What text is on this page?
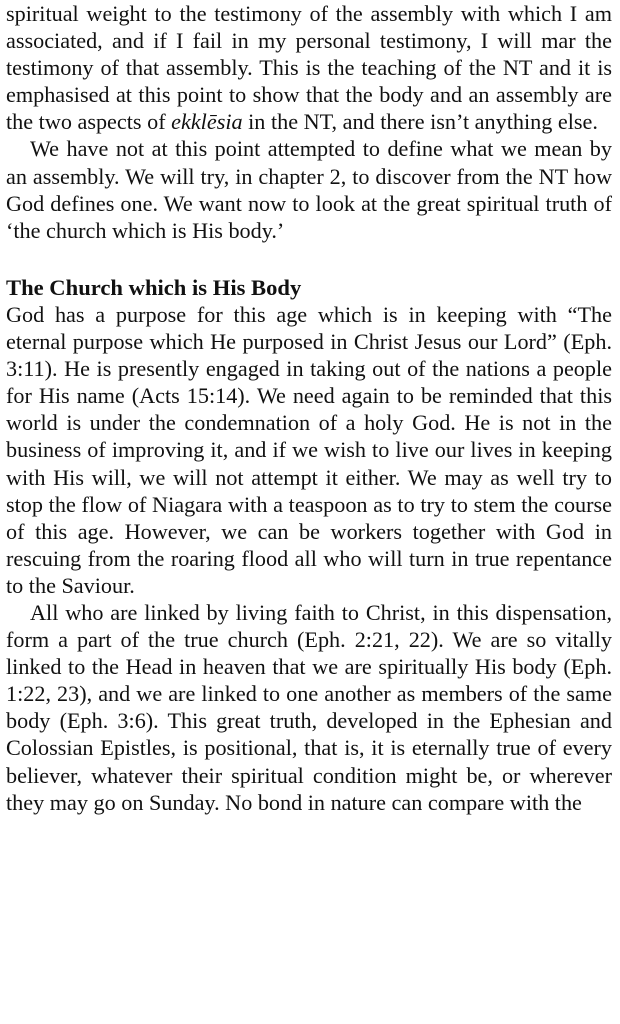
spiritual weight to the testimony of the assembly with which I am associated, and if I fail in my personal testimony, I will mar the testimony of that assembly. This is the teaching of the NT and it is emphasised at this point to show that the body and an assembly are the two aspects of ekklēsia in the NT, and there isn’t anything else.

We have not at this point attempted to define what we mean by an assembly. We will try, in chapter 2, to discover from the NT how God defines one. We want now to look at the great spiritual truth of ‘the church which is His body.’

The Church which is His Body

God has a purpose for this age which is in keeping with “The eternal purpose which He purposed in Christ Jesus our Lord” (Eph. 3:11). He is presently engaged in taking out of the nations a people for His name (Acts 15:14). We need again to be reminded that this world is under the condemnation of a holy God. He is not in the business of improving it, and if we wish to live our lives in keeping with His will, we will not attempt it either. We may as well try to stop the flow of Niagara with a teaspoon as to try to stem the course of this age. However, we can be workers together with God in rescuing from the roaring flood all who will turn in true repentance to the Saviour.

All who are linked by living faith to Christ, in this dispensation, form a part of the true church (Eph. 2:21, 22). We are so vitally linked to the Head in heaven that we are spiritually His body (Eph. 1:22, 23), and we are linked to one another as members of the same body (Eph. 3:6). This great truth, developed in the Ephesian and Colossian Epistles, is positional, that is, it is eternally true of every believer, whatever their spiritual condition might be, or wherever they may go on Sunday. No bond in nature can compare with the
